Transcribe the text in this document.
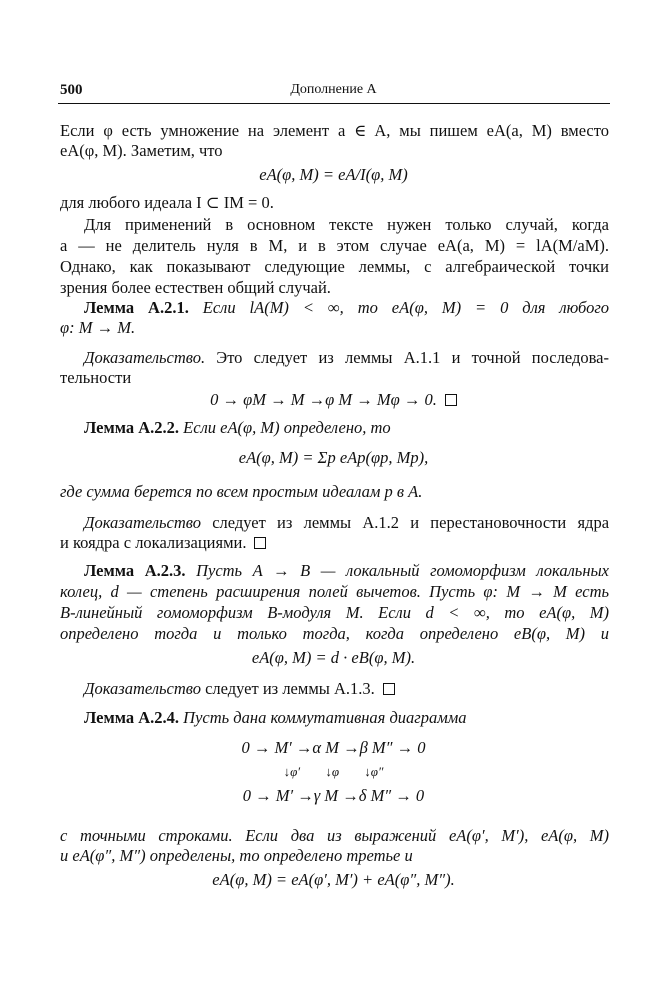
500	Дополнение А
Если φ есть умножение на элемент a ∈ A, мы пишем eA(a, M) вместо
eA(φ, M). Заметим, что
eA(φ, M) = eA/I(φ, M)
для любого идеала I ⊂ IM = 0.
Для применений в основном тексте нужен только случай, когда
a — не делитель нуля в M, и в этом случае eA(a, M) = lA(M/aM).
Однако, как показывают следующие леммы, с алгебраической точки
зрения более естествен общий случай.
Лемма A.2.1. Если lA(M) < ∞, то eA(φ, M) = 0 для любого
φ: M → M.
Доказательство. Это следует из леммы A.1.1 и точной последова-
тельности
0 → φM → M →φ M → Mφ → 0.
Лемма A.2.2. Если eA(φ, M) определено, то
eA(φ, M) = Σp eAp(φp, Mp),
где сумма берется по всем простым идеалам p в A.
Доказательство следует из леммы A.1.2 и перестановочности ядра
и коядра с локализациями.
Лемма A.2.3. Пусть A → B — локальный гомоморфизм локальных
колец, d — степень расширения полей вычетов. Пусть φ: M → M есть
B-линейный гомоморфизм B-модуля M. Если d < ∞, то eA(φ, M)
определено тогда и только тогда, когда определено eB(φ, M) и
eA(φ, M) = d · eB(φ, M).
Доказательство следует из леммы A.1.3.
Лемма A.2.4. Пусть дана коммутативная диаграмма
0 → M′ →α M →β M″ → 0
↓φ′ ↓φ ↓φ″
0 → M′ →γ M →δ M″ → 0
с точными строками. Если два из выражений eA(φ′, M′), eA(φ, M)
и eA(φ″, M″) определены, то определено третье и
eA(φ, M) = eA(φ′, M′) + eA(φ″, M″).
